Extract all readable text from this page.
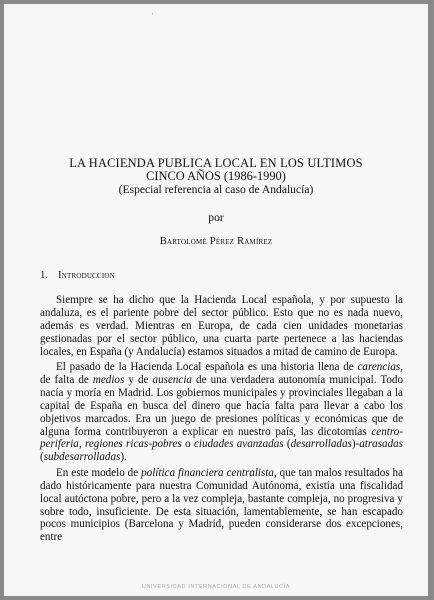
'
LA HACIENDA PUBLICA LOCAL EN LOS ULTIMOS
CINCO AÑOS (1986-1990)
(Especial referencia al caso de Andalucía)
por
Bartolomé Pérez Ramírez
1. Introduccion

Siempre se ha dicho que la Hacienda Local española, y por supuesto la andaluza, es el pariente pobre del sector público. Esto que no es nada nuevo, además es verdad. Mientras en Europa, de cada cien unidades monetarias gestionadas por el sector público, una cuarta parte pertenece a las haciendas locales, en España (y Andalucía) estamos situados a mitad de camino de Europa.

El pasado de la Hacienda Local española es una historia llena de carencias, de falta de medios y de ausencia de una verdadera autonomía municipal. Todo nacía y moría en Madrid. Los gobiernos municipales y provinciales llegaban a la capital de España en busca del dinero que hacía falta para llevar a cabo los objetivos marcados. Era un juego de presiones políticas y económicas que de alguna forma contribuyeron a explicar en nuestro país, las dicotomías centro-periferia, regiones ricas-pobres o ciudades avanzadas (desarrolladas)-atrasadas (subdesarrolladas).

En este modelo de política financiera centralista, que tan malos resultados ha dado históricamente para nuestra Comunidad Autónoma, existía una fiscalidad local autóctona pobre, pero a la vez compleja, bastante compleja, no progresiva y sobre todo, insuficiente. De esta situación, lamentablemente, se han escapado pocos municipios (Barcelona y Madrid, pueden considerarse dos excepciones, entre

UNIVERSIDAD INTERNACIONAL DE ANDALUCÍA
